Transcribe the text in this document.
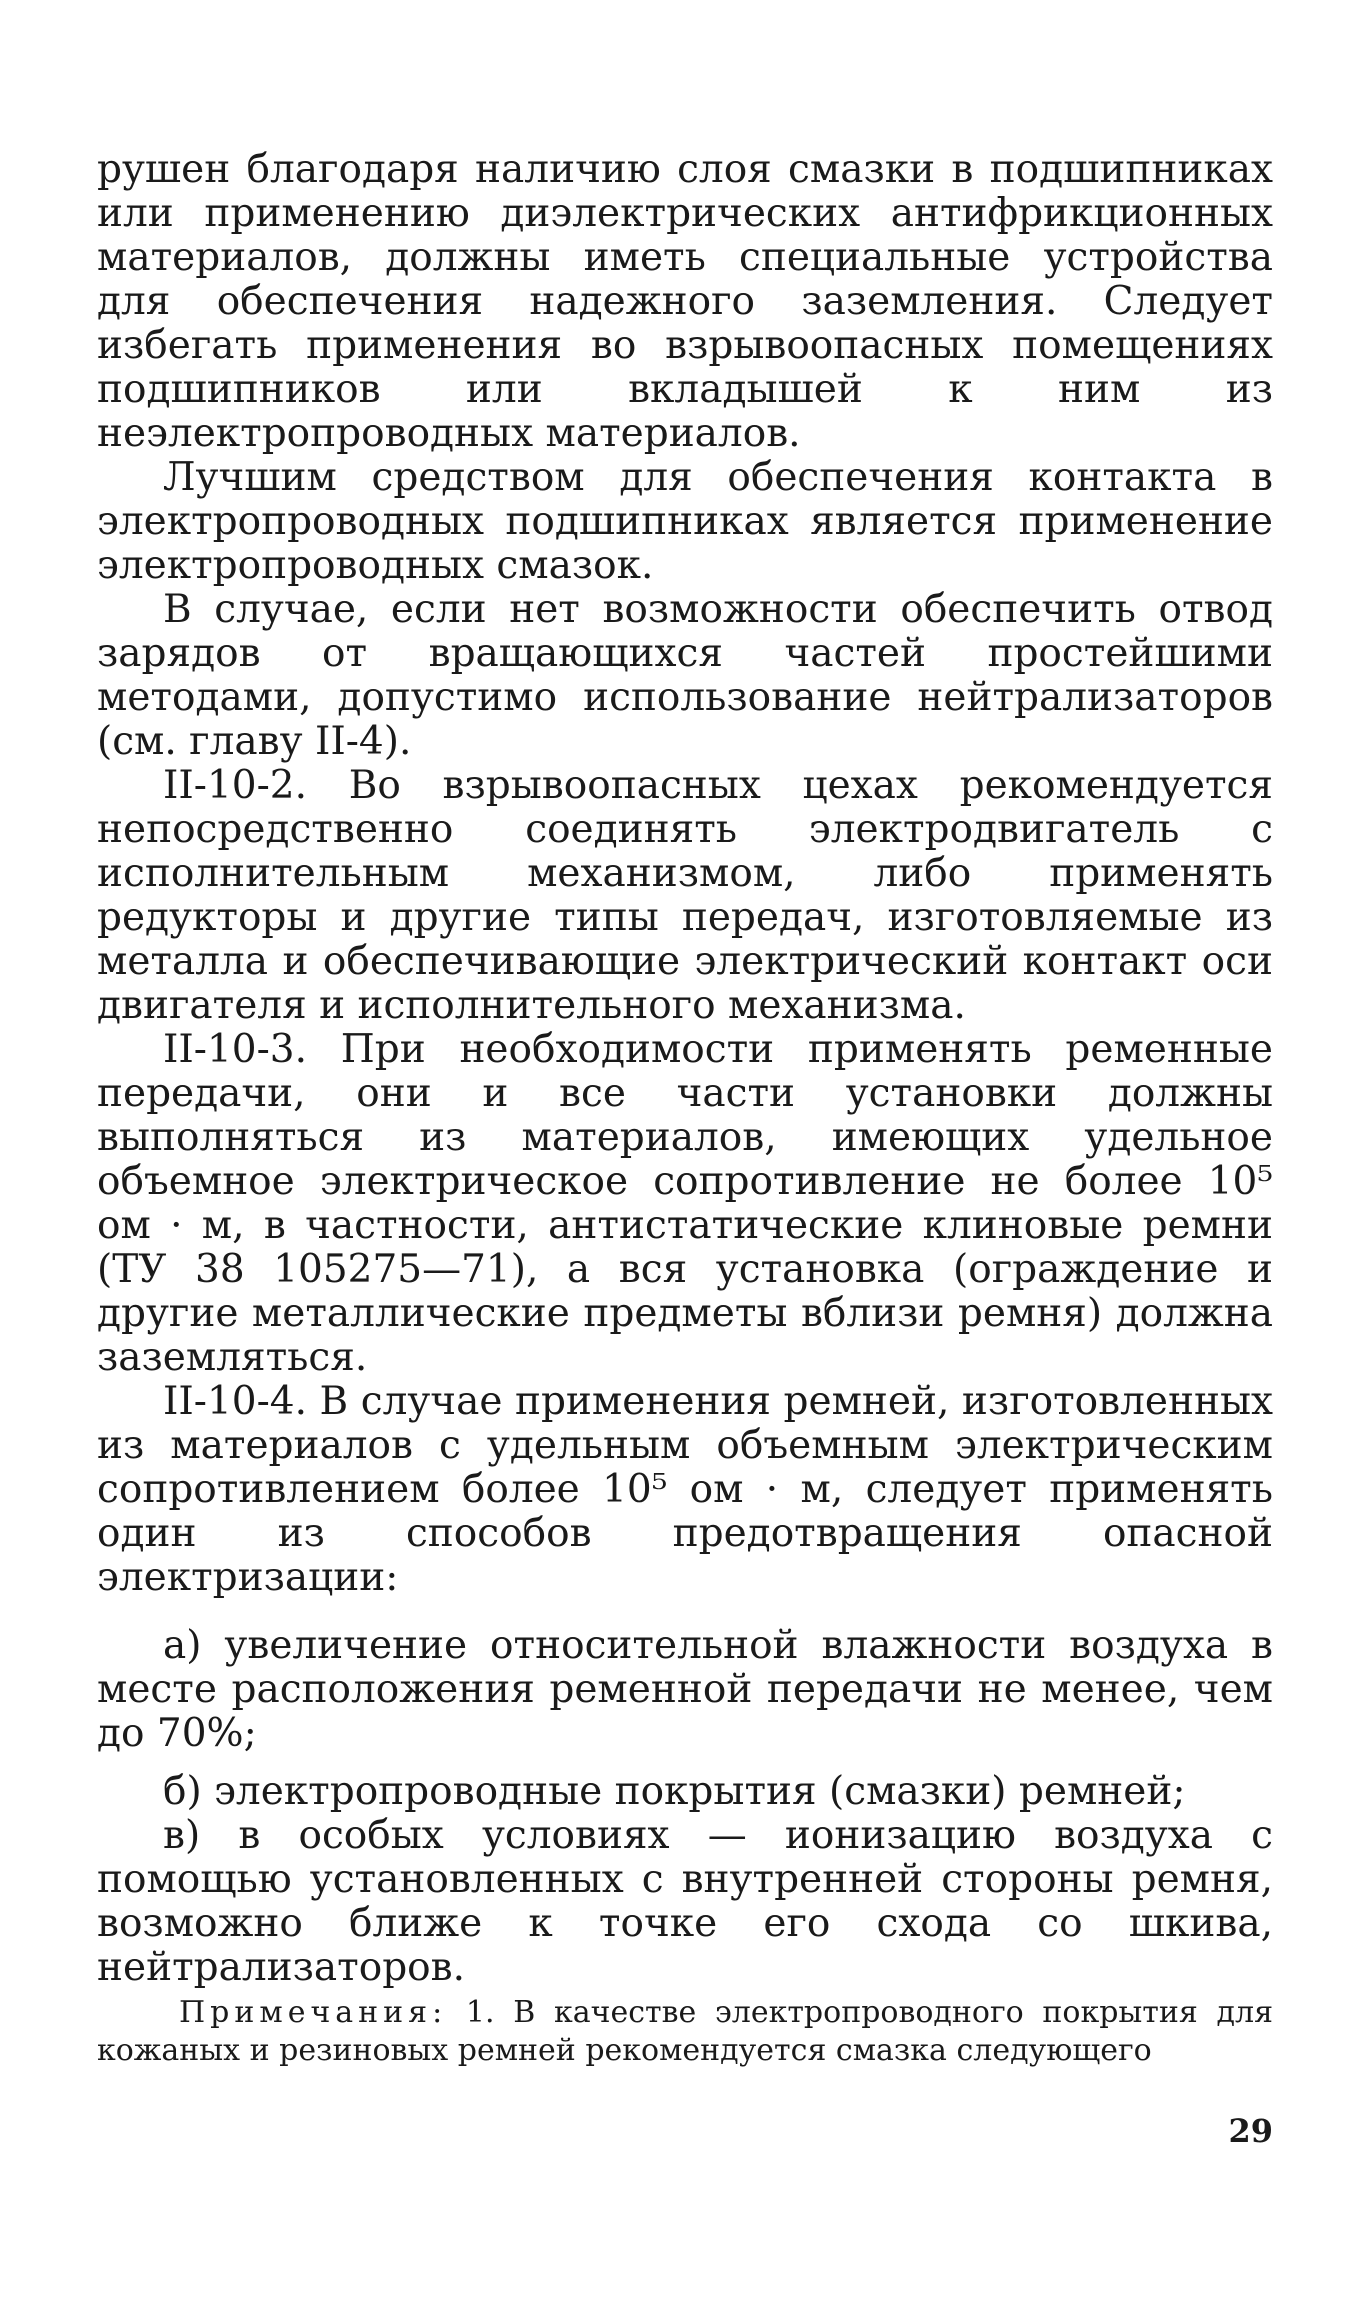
рушен благодаря наличию слоя смазки в подшипниках или применению диэлектрических антифрикционных материалов, должны иметь специальные устройства для обеспечения надежного заземления. Следует избегать применения во взрывоопасных помещениях подшипников или вкладышей к ним из неэлектропроводных материалов.

Лучшим средством для обеспечения контакта в электропроводных подшипниках является применение электропроводных смазок.

В случае, если нет возможности обеспечить отвод зарядов от вращающихся частей простейшими методами, допустимо использование нейтрализаторов (см. главу II-4).

II-10-2. Во взрывоопасных цехах рекомендуется непосредственно соединять электродвигатель с исполнительным механизмом, либо применять редукторы и другие типы передач, изготовляемые из металла и обеспечивающие электрический контакт оси двигателя и исполнительного механизма.

II-10-3. При необходимости применять ременные передачи, они и все части установки должны выполняться из материалов, имеющих удельное объемное электрическое сопротивление не более 10⁵ ом · м, в частности, антистатические клиновые ремни (ТУ 38 105275—71), а вся установка (ограждение и другие металлические предметы вблизи ремня) должна заземляться.

II-10-4. В случае применения ремней, изготовленных из материалов с удельным объемным электрическим сопротивлением более 10⁵ ом · м, следует применять один из способов предотвращения опасной электризации:

а) увеличение относительной влажности воздуха в месте расположения ременной передачи не менее, чем до 70%;

б) электропроводные покрытия (смазки) ремней;

в) в особых условиях — ионизацию воздуха с помощью установленных с внутренней стороны ремня, возможно ближе к точке его схода со шкива, нейтрализаторов.

Примечания: 1. В качестве электропроводного покрытия для кожаных и резиновых ремней рекомендуется смазка следующего

29
